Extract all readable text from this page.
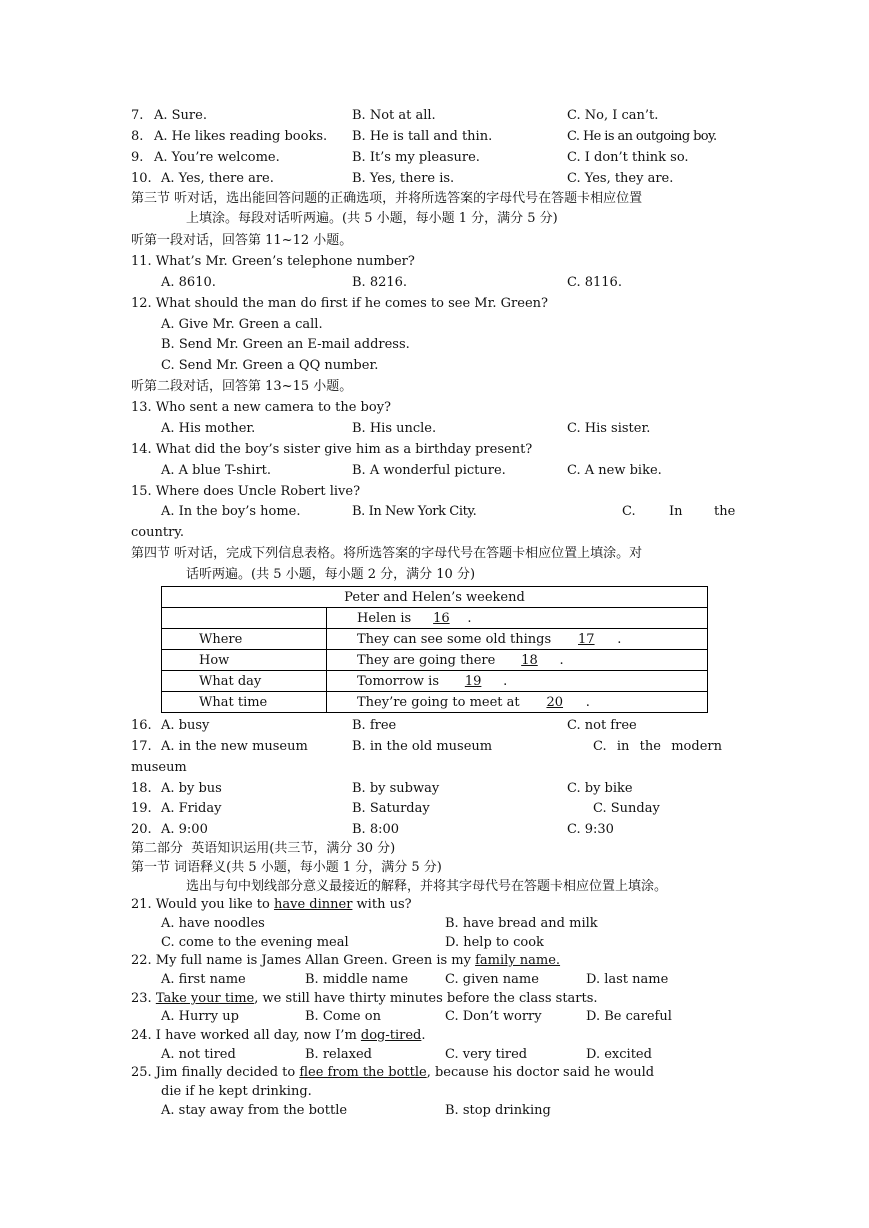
7. A. Sure.	B. Not at all.	C. No, I can’t.
8. A. He likes reading books. B. He is tall and thin.	C. He is an outgoing boy.
9. A. You’re welcome.	B. It’s my pleasure.	C. I don’t think so.
10. A. Yes, there are.	B. Yes, there is.	C. Yes, they are.
第三节 听对话，选出能回答问题的正确选项，并将所选答案的字母代号在答题卡相应位置
上填涂。每段对话听两遍。(共 5 小题，每小题 1 分，满分 5 分)
听第一段对话，回答第 11~12 小题。
11. What’s Mr. Green’s telephone number?
A. 8610.	B. 8216.	C. 8116.
12. What should the man do first if he comes to see Mr. Green?
A. Give Mr. Green a call.
B. Send Mr. Green an E-mail address.
C. Send Mr. Green a QQ number.
听第二段对话，回答第 13~15 小题。
13. Who sent a new camera to the boy?
A. His mother.	B. His uncle.	C. His sister.
14. What did the boy’s sister give him as a birthday present?
A. A blue T-shirt.	B. A wonderful picture.	C. A new bike.
15. Where does Uncle Robert live?
A. In the boy’s home.	B. In New York City.	C.	In the
country.
第四节 听对话，完成下列信息表格。将所选答案的字母代号在答题卡相应位置上填涂。对
话听两遍。(共 5 小题，每小题 2 分，满分 10 分)
Peter and Helen’s weekend	
	Helen is 16 .
Where	They can see some old things 17 .
How	They are going there 18 .
What day	Tomorrow is 19 .
What time	They’re going to meet at 20 .
16. A. busy	B. free	C. not free
17. A. in the new museum	B. in the old museum	C.  in  the  modern
museum
18. A. by bus	B. by subway	C. by bike
19. A. Friday	B. Saturday	C. Sunday
20. A. 9:00	B. 8:00	C. 9:30
第二部分  英语知识运用(共三节，满分 30 分)
第一节 词语释义(共 5 小题，每小题 1 分，满分 5 分)
选出与句中划线部分意义最接近的解释，并将其字母代号在答题卡相应位置上填涂。
21. Would you like to have dinner with us?
A. have noodles	B. have bread and milk
C. come to the evening meal	D. help to cook
22. My full name is James Allan Green. Green is my family name.
A. first name	B. middle name	C. given name	D. last name
23. Take your time, we still have thirty minutes before the class starts.
A. Hurry up	B. Come on	C. Don’t worry	D. Be careful
24. I have worked all day, now I’m dog-tired.
A. not tired	B. relaxed	C. very tired	D. excited
25. Jim finally decided to flee from the bottle, because his doctor said he would
die if he kept drinking.
A. stay away from the bottle	B. stop drinking
